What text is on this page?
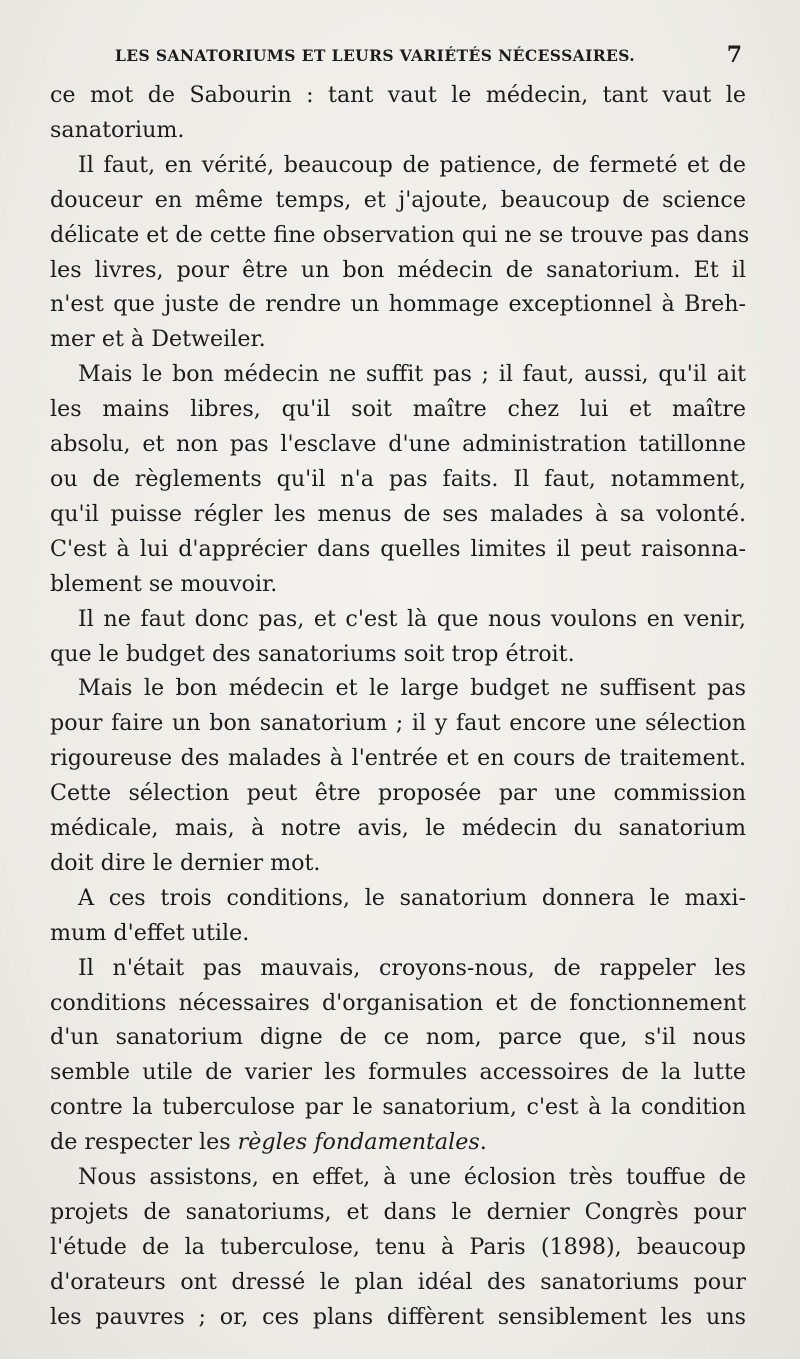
LES SANATORIUMS ET LEURS VARIÉTÉS NÉCESSAIRES.	7

ce mot de Sabourin : tant vaut le médecin, tant vaut le
sanatorium.

Il faut, en vérité, beaucoup de patience, de fermeté et de
douceur en même temps, et j'ajoute, beaucoup de science
délicate et de cette fine observation qui ne se trouve pas dans
les livres, pour être un bon médecin de sanatorium. Et il
n'est que juste de rendre un hommage exceptionnel à Breh-
mer et à Detweiler.

Mais le bon médecin ne suffit pas ; il faut, aussi, qu'il ait
les mains libres, qu'il soit maître chez lui et maître
absolu, et non pas l'esclave d'une administration tatillonne
ou de règlements qu'il n'a pas faits. Il faut, notamment,
qu'il puisse régler les menus de ses malades à sa volonté.
C'est à lui d'apprécier dans quelles limites il peut raisonna-
blement se mouvoir.

Il ne faut donc pas, et c'est là que nous voulons en venir,
que le budget des sanatoriums soit trop étroit.

Mais le bon médecin et le large budget ne suffisent pas
pour faire un bon sanatorium ; il y faut encore une sélection
rigoureuse des malades à l'entrée et en cours de traitement.
Cette sélection peut être proposée par une commission
médicale, mais, à notre avis, le médecin du sanatorium
doit dire le dernier mot.

A ces trois conditions, le sanatorium donnera le maxi-
mum d'effet utile.

Il n'était pas mauvais, croyons-nous, de rappeler les
conditions nécessaires d'organisation et de fonctionnement
d'un sanatorium digne de ce nom, parce que, s'il nous
semble utile de varier les formules accessoires de la lutte
contre la tuberculose par le sanatorium, c'est à la condition
de respecter les règles fondamentales.

Nous assistons, en effet, à une éclosion très touffue de
projets de sanatoriums, et dans le dernier Congrès pour
l'étude de la tuberculose, tenu à Paris (1898), beaucoup
d'orateurs ont dressé le plan idéal des sanatoriums pour
les pauvres ; or, ces plans diffèrent sensiblement les uns
